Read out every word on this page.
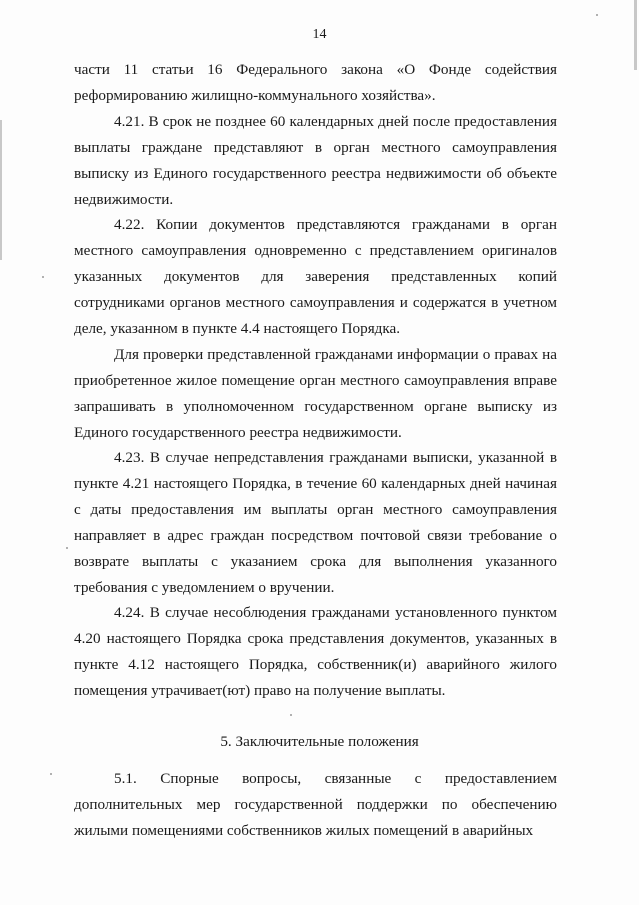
14

части 11 статьи 16 Федерального закона «О Фонде содействия реформированию жилищно-коммунального хозяйства».

4.21. В срок не позднее 60 календарных дней после предоставления выплаты граждане представляют в орган местного самоуправления выписку из Единого государственного реестра недвижимости об объекте недвижимости.

4.22. Копии документов представляются гражданами в орган местного самоуправления одновременно с представлением оригиналов указанных документов для заверения представленных копий сотрудниками органов местного самоуправления и содержатся в учетном деле, указанном в пункте 4.4 настоящего Порядка.

Для проверки представленной гражданами информации о правах на приобретенное жилое помещение орган местного самоуправления вправе запрашивать в уполномоченном государственном органе выписку из Единого государственного реестра недвижимости.

4.23. В случае непредставления гражданами выписки, указанной в пункте 4.21 настоящего Порядка, в течение 60 календарных дней начиная с даты предоставления им выплаты орган местного самоуправления направляет в адрес граждан посредством почтовой связи требование о возврате выплаты с указанием срока для выполнения указанного требования с уведомлением о вручении.

4.24. В случае несоблюдения гражданами установленного пунктом 4.20 настоящего Порядка срока представления документов, указанных в пункте 4.12 настоящего Порядка, собственник(и) аварийного жилого помещения утрачивает(ют) право на получение выплаты.

5. Заключительные положения

5.1. Спорные вопросы, связанные с предоставлением дополнительных мер государственной поддержки по обеспечению жилыми помещениями собственников жилых помещений в аварийных
